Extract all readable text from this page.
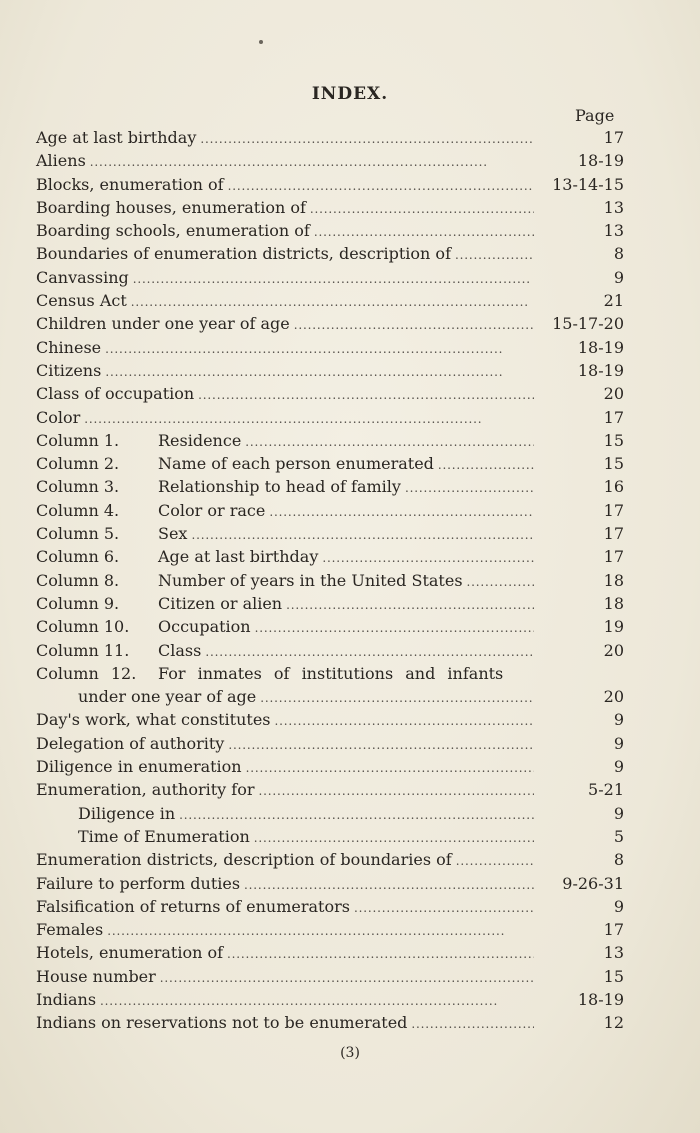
INDEX.
Page
Age at last birthday . . .	17
Aliens . . .	18-19
Blocks, enumeration of . . .	13-14-15
Boarding houses, enumeration of . . .	13
Boarding schools, enumeration of . . .	13
Boundaries of enumeration districts, description of . . .	8
Canvassing . . .	9
Census Act . . .	21
Children under one year of age . . .	15-17-20
Chinese . . .	18-19
Citizens . . .	18-19
Class of occupation . . .	20
Color . . .	17
Column 1. Residence . . .	15
Column 2. Name of each person enumerated . . .	15
Column 3. Relationship to head of family . . .	16
Column 4. Color or race . . .	17
Column 5. Sex . . .	17
Column 6. Age at last birthday . . .	17
Column 8. Number of years in the United States . . .	18
Column 9. Citizen or alien . . .	18
Column 10. Occupation . . .	19
Column 11. Class . . .	20
Column 12. For inmates of institutions and infants
under one year of age . . .	20
Day's work, what constitutes . . .	9
Delegation of authority . . .	9
Diligence in enumeration . . .	9
Enumeration, authority for . . .	5-21
Diligence in . . .	9
Time of Enumeration . . .	5
Enumeration districts, description of boundaries of . . .	8
Failure to perform duties . . .	9-26-31
Falsification of returns of enumerators . . .	9
Females . . .	17
Hotels, enumeration of . . .	13
House number . . .	15
Indians . . .	18-19
Indians on reservations not to be enumerated . . .	12
(3)
